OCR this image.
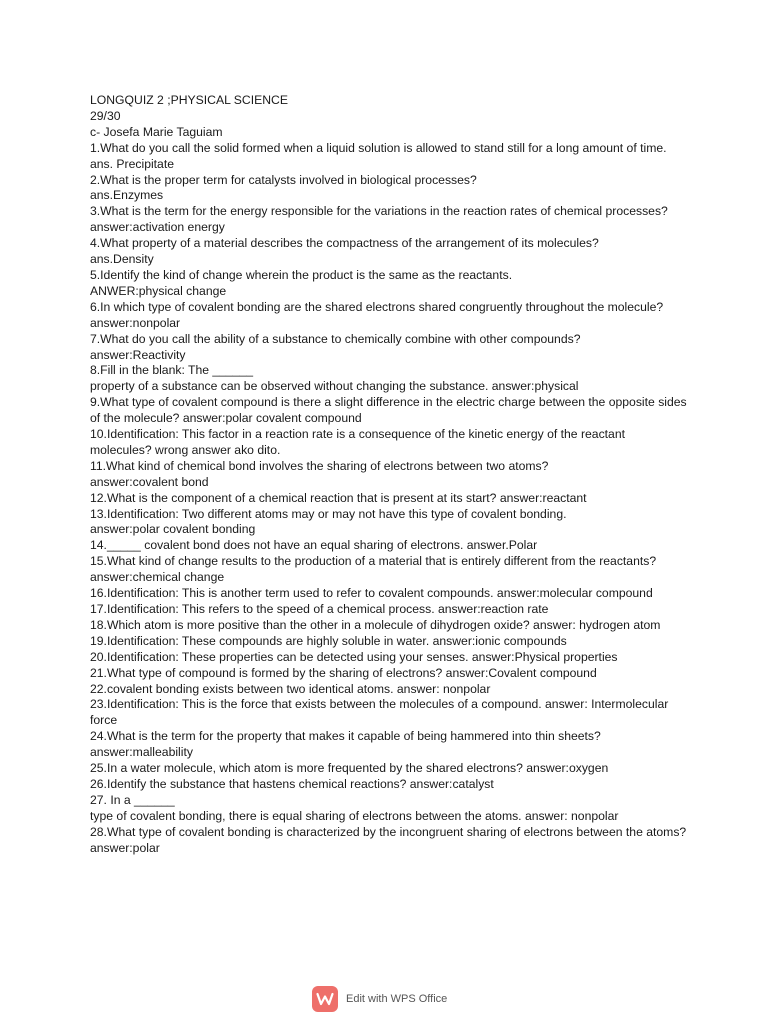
LONGQUIZ 2 ;PHYSICAL SCIENCE
29/30
c- Josefa Marie Taguiam
1.What do you call the solid formed when a liquid solution is allowed to stand still for a long amount of time.
ans. Precipitate
2.What is the proper term for catalysts involved in biological processes?
ans.Enzymes
3.What is the term for the energy responsible for the variations in the reaction rates of chemical processes?
answer:activation energy
4.What property of a material describes the compactness of the arrangement of its molecules?
ans.Density
5.Identify the kind of change wherein the product is the same as the reactants.
ANWER:physical change
6.In which type of covalent bonding are the shared electrons shared congruently throughout the molecule? answer:nonpolar
7.What do you call the ability of a substance to chemically combine with other compounds?
answer:Reactivity
8.Fill in the blank: The ______
property of a substance can be observed without changing the substance. answer:physical
9.What type of covalent compound is there a slight difference in the electric charge between the opposite sides of the molecule? answer:polar covalent compound
10.Identification: This factor in a reaction rate is a consequence of the kinetic energy of the reactant molecules? wrong answer ako dito.
11.What kind of chemical bond involves the sharing of electrons between two atoms?
answer:covalent bond
12.What is the component of a chemical reaction that is present at its start? answer:reactant
13.Identification: Two different atoms may or may not have this type of covalent bonding.
answer:polar covalent bonding
14._____ covalent bond does not have an equal sharing of electrons. answer.Polar
15.What kind of change results to the production of a material that is entirely different from the reactants? answer:chemical change
16.Identification: This is another term used to refer to covalent compounds. answer:molecular compound
17.Identification: This refers to the speed of a chemical process. answer:reaction rate
18.Which atom is more positive than the other in a molecule of dihydrogen oxide? answer: hydrogen atom
19.Identification: These compounds are highly soluble in water. answer:ionic compounds
20.Identification: These properties can be detected using your senses. answer:Physical properties
21.What type of compound is formed by the sharing of electrons? answer:Covalent compound
22.covalent bonding exists between two identical atoms. answer: nonpolar
23.Identification: This is the force that exists between the molecules of a compound. answer: Intermolecular force
24.What is the term for the property that makes it capable of being hammered into thin sheets?
answer:malleability
25.In a water molecule, which atom is more frequented by the shared electrons? answer:oxygen
26.Identify the substance that hastens chemical reactions? answer:catalyst
27. In a ______
type of covalent bonding, there is equal sharing of electrons between the atoms. answer: nonpolar
28.What type of covalent bonding is characterized by the incongruent sharing of electrons between the atoms? answer:polar
Edit with WPS Office
